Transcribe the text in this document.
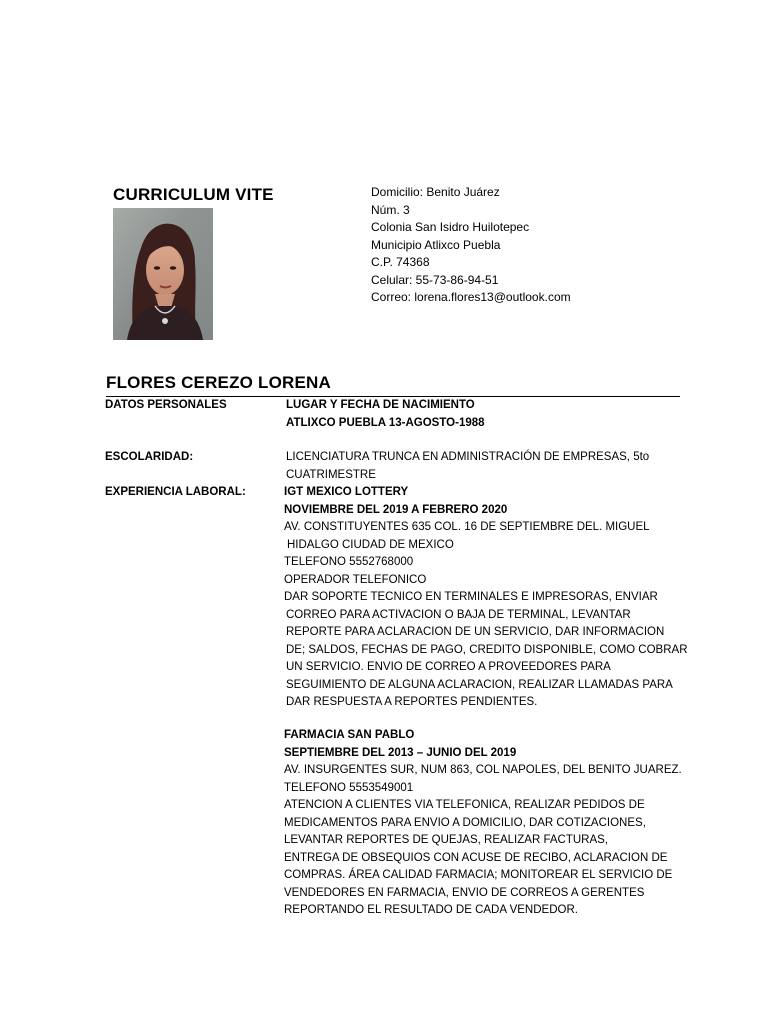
CURRICULUM VITE	Domicilio: Benito Juárez
Núm. 3
Colonia San Isidro Huilotepec
Municipio Atlixco Puebla
C.P. 74368
Celular: 55-73-86-94-51
Correo: lorena.flores13@outlook.com
FLORES CEREZO LORENA
DATOS PERSONALES	LUGAR Y FECHA DE NACIMIENTO
ATLIXCO PUEBLA 13-AGOSTO-1988
ESCOLARIDAD:	LICENCIATURA TRUNCA EN ADMINISTRACIÓN DE EMPRESAS, 5to
CUATRIMESTRE
EXPERIENCIA LABORAL:	IGT MEXICO LOTTERY
NOVIEMBRE DEL 2019 A FEBRERO 2020
AV. CONSTITUYENTES 635 COL. 16 DE SEPTIEMBRE DEL. MIGUEL
HIDALGO CIUDAD DE MEXICO
TELEFONO 5552768000
OPERADOR TELEFONICO
DAR SOPORTE TECNICO EN TERMINALES E IMPRESORAS, ENVIAR
CORREO PARA ACTIVACION O BAJA DE TERMINAL, LEVANTAR
REPORTE PARA ACLARACION DE UN SERVICIO, DAR INFORMACION
DE; SALDOS, FECHAS DE PAGO, CREDITO DISPONIBLE, COMO COBRAR
UN SERVICIO. ENVIO DE CORREO A PROVEEDORES PARA
SEGUIMIENTO DE ALGUNA ACLARACION, REALIZAR LLAMADAS PARA
DAR RESPUESTA A REPORTES PENDIENTES.
FARMACIA SAN PABLO
SEPTIEMBRE DEL 2013 – JUNIO DEL 2019
AV. INSURGENTES SUR, NUM 863, COL NAPOLES, DEL BENITO JUAREZ.
TELEFONO 5553549001
ATENCION A CLIENTES VIA TELEFONICA, REALIZAR PEDIDOS DE
MEDICAMENTOS PARA ENVIO A DOMICILIO, DAR COTIZACIONES,
LEVANTAR REPORTES DE QUEJAS, REALIZAR FACTURAS,
ENTREGA DE OBSEQUIOS CON ACUSE DE RECIBO, ACLARACION DE
COMPRAS. ÁREA CALIDAD FARMACIA; MONITOREAR EL SERVICIO DE
VENDEDORES EN FARMACIA, ENVIO DE CORREOS A GERENTES
REPORTANDO EL RESULTADO DE CADA VENDEDOR.
